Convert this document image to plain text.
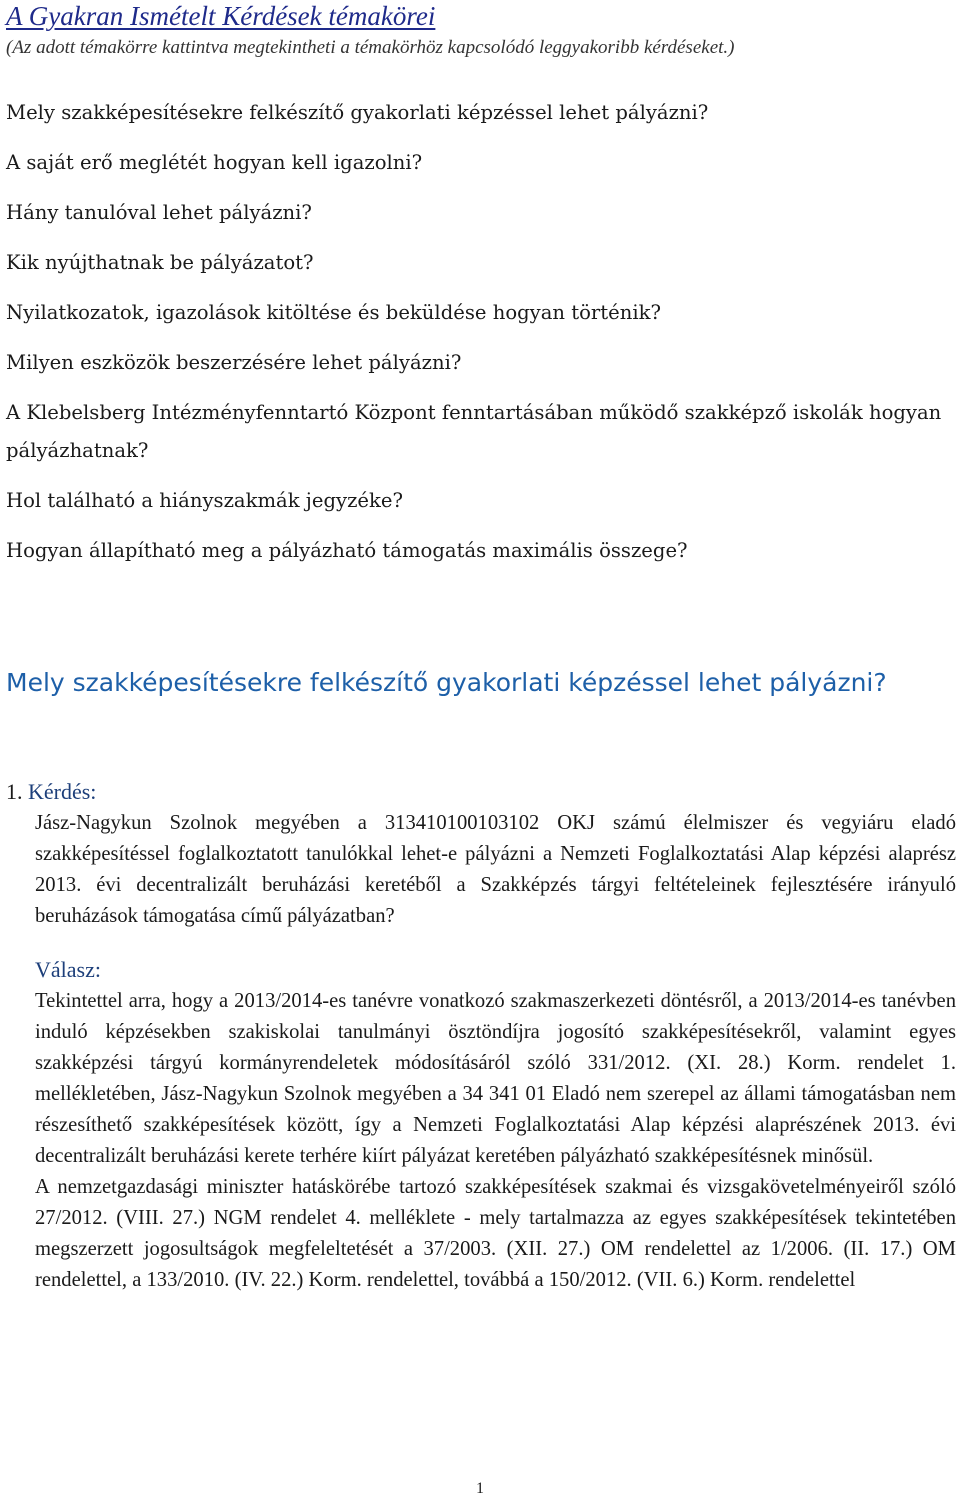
A Gyakran Ismételt Kérdések témakörei

(Az adott témakörre kattintva megtekintheti a témakörhöz kapcsolódó leggyakoribb kérdéseket.)

Mely szakképesítésekre felkészítő gyakorlati képzéssel lehet pályázni?
A saját erő meglétét hogyan kell igazolni?
Hány tanulóval lehet pályázni?
Kik nyújthatnak be pályázatot?
Nyilatkozatok, igazolások kitöltése és beküldése hogyan történik?
Milyen eszközök beszerzésére lehet pályázni?
A Klebelsberg Intézményfenntartó Központ fenntartásában működő szakképző iskolák hogyan pályázhatnak?
Hol található a hiányszakmák jegyzéke?
Hogyan állapítható meg a pályázható támogatás maximális összege?
Mely szakképesítésekre felkészítő gyakorlati képzéssel lehet pályázni?
1. Kérdés:

Jász-Nagykun Szolnok megyében a 313410100103102 OKJ számú élelmiszer és vegyiáru eladó szakképesítéssel foglalkoztatott tanulókkal lehet-e pályázni a Nemzeti Foglalkoztatási Alap képzési alaprész 2013. évi decentralizált beruházási keretéből a Szakképzés tárgyi feltételeinek fejlesztésére irányuló beruházások támogatása című pályázatban?

Válasz:

Tekintettel arra, hogy a 2013/2014-es tanévre vonatkozó szakmaszerkezeti döntésről, a 2013/2014-es tanévben induló képzésekben szakiskolai tanulmányi ösztöndíjra jogosító szakképesítésekről, valamint egyes szakképzési tárgyú kormányrendeletek módosításáról szóló 331/2012. (XI. 28.) Korm. rendelet 1. mellékletében, Jász-Nagykun Szolnok megyében a 34 341 01 Eladó nem szerepel az állami támogatásban nem részesíthető szakképesítések között, így a Nemzeti Foglalkoztatási Alap képzési alaprészének 2013. évi decentralizált beruházási kerete terhére kiírt pályázat keretében pályázható szakképesítésnek minősül.

A nemzetgazdasági miniszter hatáskörébe tartozó szakképesítések szakmai és vizsgakövetelményeiről szóló 27/2012. (VIII. 27.) NGM rendelet 4. melléklete - mely tartalmazza az egyes szakképesítések tekintetében megszerzett jogosultságok megfeleltetését a 37/2003. (XII. 27.) OM rendelettel az 1/2006. (II. 17.) OM rendelettel, a 133/2010. (IV. 22.) Korm. rendelettel, továbbá a 150/2012. (VII. 6.) Korm. rendelettel

1
